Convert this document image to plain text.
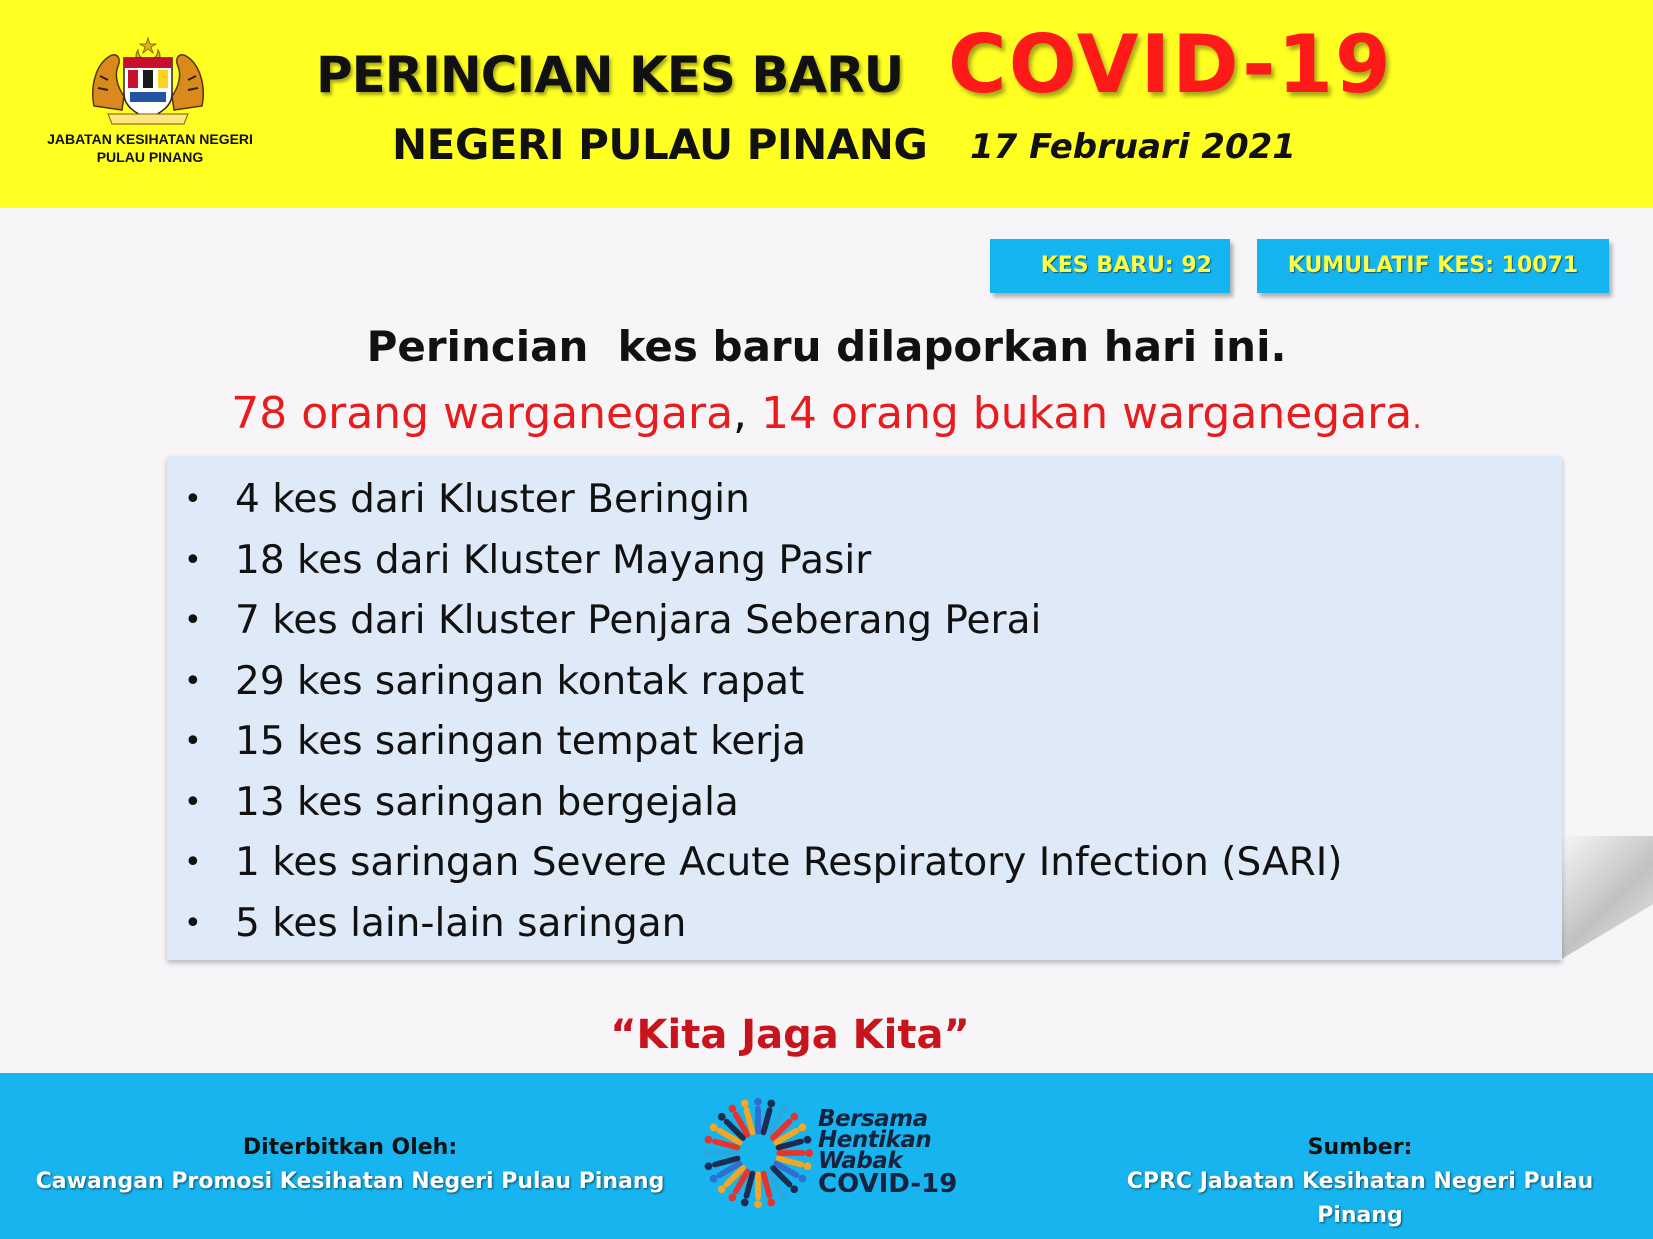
JABATAN KESIHATAN NEGERI
PULAU PINANG
PERINCIAN KES BARU COVID-19
NEGERI PULAU PINANG 17 Februari 2021
KES BARU: 92	KUMULATIF KES: 10071
Perincian  kes baru dilaporkan hari ini.
78 orang warganegara, 14 orang bukan warganegara.
• 4 kes dari Kluster Beringin
• 18 kes dari Kluster Mayang Pasir
• 7 kes dari Kluster Penjara Seberang Perai
• 29 kes saringan kontak rapat
• 15 kes saringan tempat kerja
• 13 kes saringan bergejala
• 1 kes saringan Severe Acute Respiratory Infection (SARI)
• 5 kes lain-lain saringan
“Kita Jaga Kita”
Diterbitkan Oleh:
Cawangan Promosi Kesihatan Negeri Pulau Pinang
Bersama
Hentikan
Wabak
COVID-19
Sumber:
CPRC Jabatan Kesihatan Negeri Pulau Pinang
